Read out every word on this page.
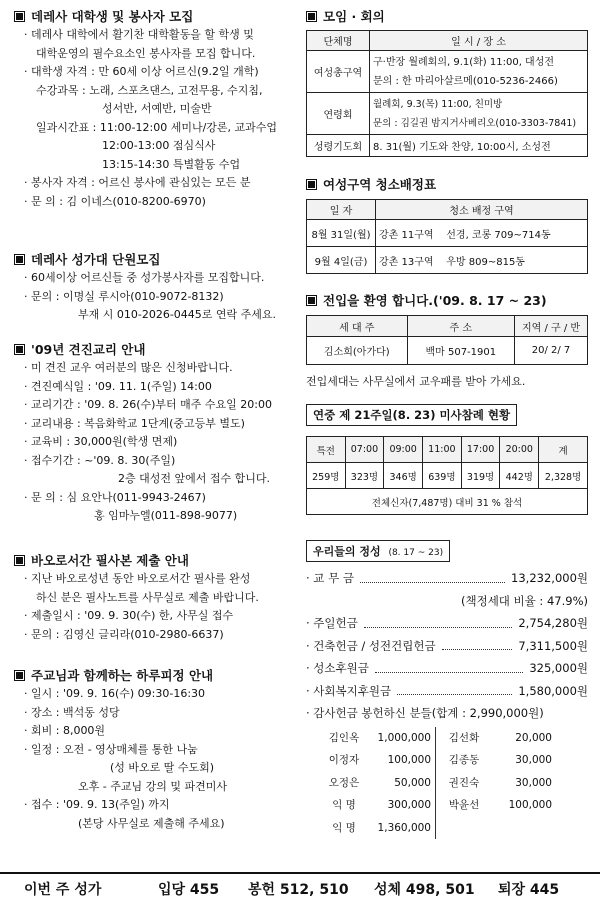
데레사 대학생 및 봉사자 모집
· 데레사 대학에서 활기찬 대학활동을 할 학생 및
대학운영의 필수요소인 봉사자를 모집 합니다.
· 대학생 자격 : 만 60세 이상 어르신(9.2일 개학)
수강과목 : 노래, 스포츠댄스, 고전무용, 수지침,
성서반, 서예반, 미술반
일과시간표 : 11:00-12:00 세미나/강론, 교과수업
12:00-13:00 점심식사
13:15-14:30 특별활동 수업
· 봉사자 자격 : 어르신 봉사에 관심있는 모든 분
· 문 의 : 김 이네스(010-8200-6970)
데레사 성가대 단원모집
· 60세이상 어르신들 중 성가봉사자를 모집합니다.
· 문의 : 이명실 루시아(010-9072-8132)
부재 시 010-2026-0445로 연락 주세요.
'09년 견진교리 안내
· 미 견진 교우 여러분의 많은 신청바랍니다.
· 견진예식일 : '09. 11. 1(주일) 14:00
· 교리기간 : '09. 8. 26(수)부터 매주 수요일 20:00
· 교리내용 : 복음화학교 1단계(중고등부 별도)
· 교육비 : 30,000원(학생 면제)
· 접수기간 : ~'09. 8. 30(주일)
2층 대성전 앞에서 접수 합니다.
· 문 의 : 심 요안나(011-9943-2467)
홍 임마누엘(011-898-9077)
바오로서간 필사본 제출 안내
· 지난 바오로성년 동안 바오로서간 필사를 완성
하신 분은 필사노트를 사무실로 제출 바랍니다.
· 제출일시 : '09. 9. 30(수) 한, 사무실 접수
· 문의 : 김영신 글리라(010-2980-6637)
주교님과 함께하는 하루피정 안내
· 일시 : '09. 9. 16(수) 09:30-16:30
· 장소 : 백석동 성당
· 회비 : 8,000원
· 일정 : 오전 - 영상매체를 통한 나눔
(성 바오로 딸 수도회)
오후 - 주교님 강의 및 파견미사
· 접수 : '09. 9. 13(주일) 까지
(본당 사무실로 제출해 주세요)
모임 · 회의
단체명	일 시 / 장 소
여성총구역	구·반장 월례회의, 9.1(화) 11:00, 대성전
문의 : 한 마리아살르메(010-5236-2466)

연령회	월례회, 9.3(목) 11:00, 친미방
문의 : 김길권 밤지거사베리오(010-3303-7841)

성령기도회	8. 31(월) 기도와 찬양, 10:00시, 소성전
여성구역 청소배정표
일 자	청소 배정 구역
8월 31일(월)	강촌 11구역    선경, 코롱 709~714동
9월 4일(금)	강촌 13구역    우방 809~815동
전입을 환영 합니다.('09. 8. 17 ~ 23)
세 대 주	주 소	지역 / 구 / 반
김소희(아가다)	백마 507-1901	20/ 2/ 7
전입세대는 사무실에서 교우패를 받아 가세요.
연중 제 21주일(8. 23) 미사참례 현황
특전	07:00	09:00	11:00	17:00	20:00	계
259명	323명	346명	639명	319명	442명	2,328명
전체신자(7,487명) 대비 31 % 참석						
우리들의 정성 (8. 17 ~ 23)
· 교 무 금	13,232,000원
(책정세대 비율 : 47.9%)
· 주일헌금	2,754,280원
· 건축헌금 / 성전건립헌금	7,311,500원
· 성소후원금	325,000원
· 사회복지후원금	1,580,000원
· 감사헌금 봉헌하신 분들(합계 : 2,990,000원)
김인옥	1,000,000	김선화	20,000
이정자	100,000	김종동	30,000
오정은	50,000	권진숙	30,000
익 명	300,000	박윤선	100,000
익 명	1,360,000
이번 주 성가	입당 455 봉헌 512, 510 성체 498, 501 퇴장 445
